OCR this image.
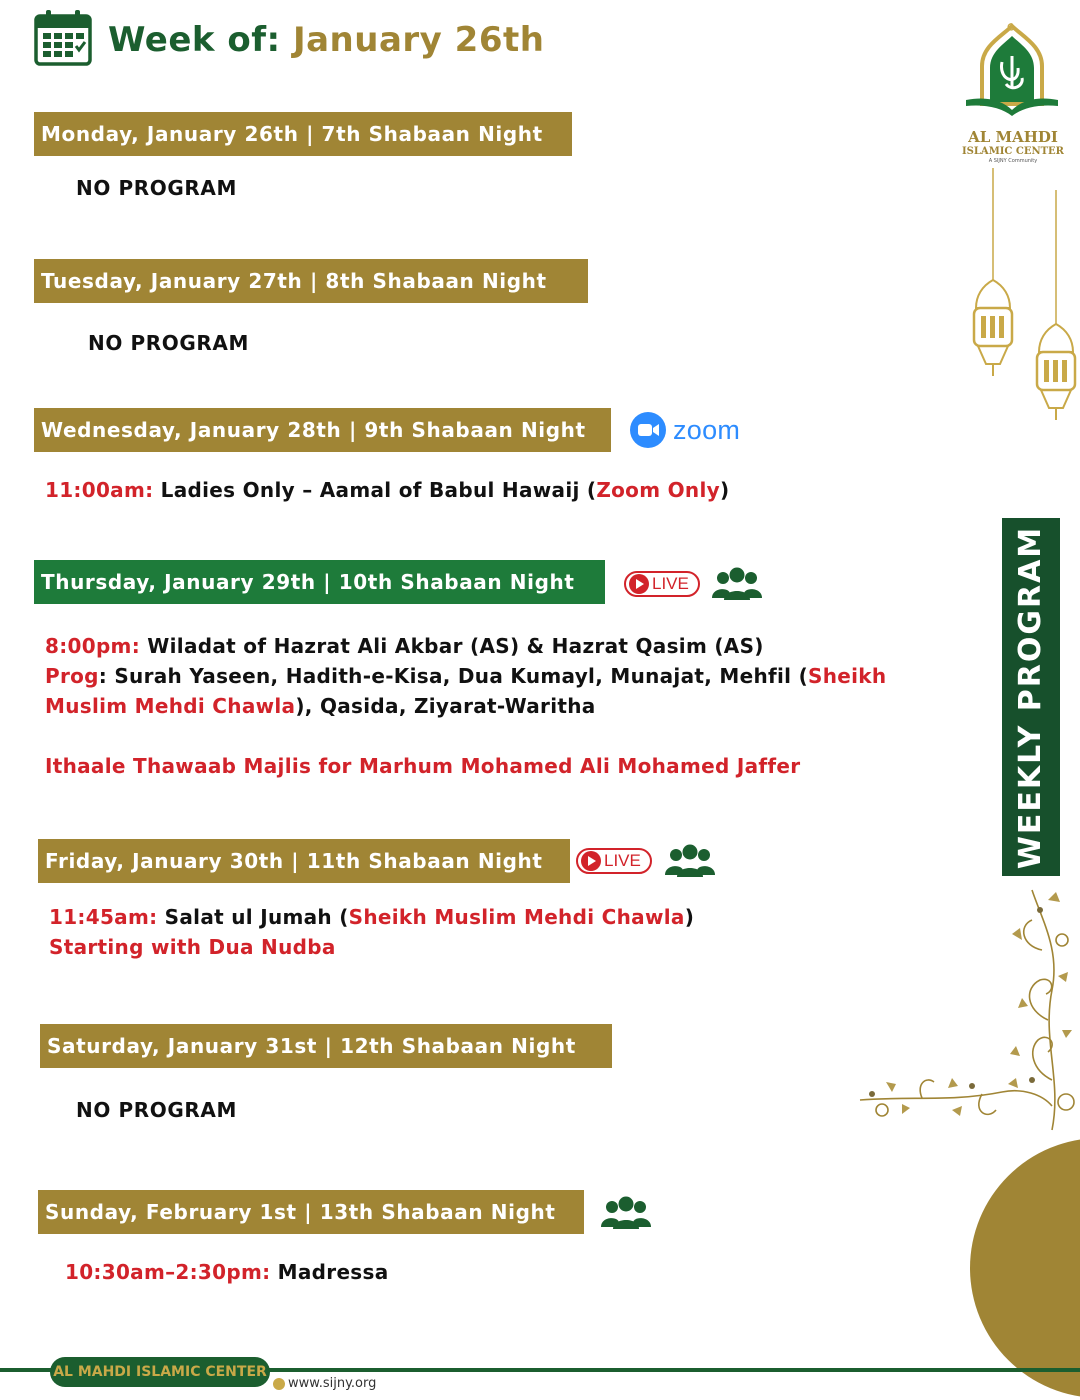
Week of: January 26th
Monday, January 26th | 7th Shabaan Night
NO PROGRAM
Tuesday, January 27th | 8th Shabaan Night
NO PROGRAM
Wednesday, January 28th | 9th Shabaan Night	zoom
11:00am: Ladies Only – Aamal of Babul Hawaij (Zoom Only)
Thursday, January 29th | 10th Shabaan Night	LIVE
8:00pm: Wiladat of Hazrat Ali Akbar (AS) & Hazrat Qasim (AS)
Prog: Surah Yaseen, Hadith-e-Kisa, Dua Kumayl, Munajat, Mehfil (Sheikh
Muslim Mehdi Chawla), Qasida, Ziyarat-Waritha
Ithaale Thawaab Majlis for Marhum Mohamed Ali Mohamed Jaffer
Friday, January 30th | 11th Shabaan Night	LIVE
11:45am: Salat ul Jumah (Sheikh Muslim Mehdi Chawla)
Starting with Dua Nudba
Saturday, January 31st | 12th Shabaan Night
NO PROGRAM
Sunday, February 1st | 13th Shabaan Night
10:30am–2:30pm: Madressa
AL MAHDI
ISLAMIC CENTER
A SIJNY Community
WEEKLY PROGRAM
AL MAHDI ISLAMIC CENTER
www.sijny.org
